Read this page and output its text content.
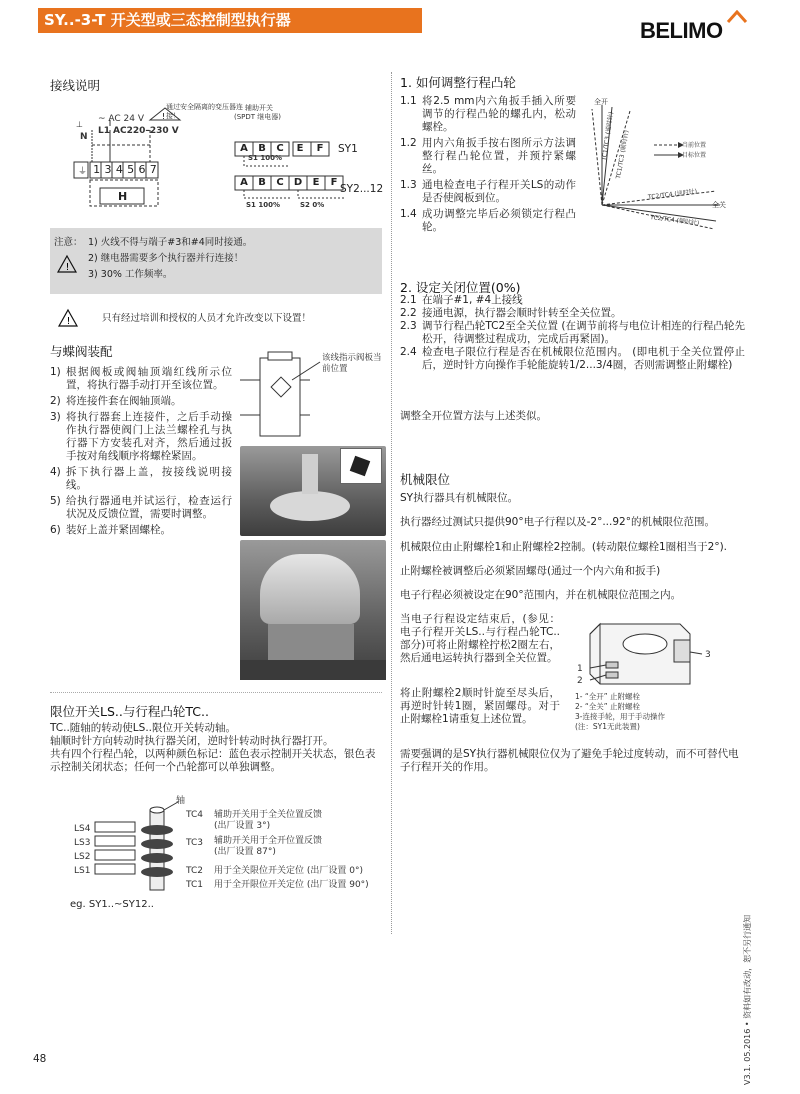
SY..-3-T 开关型或三态控制型执行器	BELIMO
接线说明
⏚
!
⊥
N
~ AC 24 V
L1 AC220–230 V
通过安全隔离的变压器连接！
辅助开关
(SPDT 继电器)
1 3 4 5 6 7
H
A	B	C	E	F
S1 100%
SY1
A	B	C	D	E	F
S1 100%	S2 0%
SY2...12
注意： 1) 火线不得与端子#3和#4同时接通。
2) 继电器需要多个执行器并行连接！
3) 30% 工作频率。
!
!	只有经过培训和授权的人员才允许改变以下设置！
与蝶阀装配
1) 根据阀板或阀轴顶端红线所示位置，将执行器手动打开至该位置。
2) 将连接件套在阀轴顶端。
3) 将执行器套上连接件，之后手动操作执行器使阀门上法兰螺栓孔与执行器下方安装孔对齐，然后通过扳手按对角线顺序将螺栓紧固。
4) 拆下执行器上盖，按接线说明接线。
5) 给执行器通电并试运行，检查运行状况及反馈位置，需要时调整。
6) 装好上盖并紧固螺栓。
该线指示阀板当前位置
限位开关LS..与行程凸轮TC..
TC..随轴的转动使LS..限位开关转动轴。
轴顺时针方向转动时执行器关闭，逆时针转动时执行器打开。
共有四个行程凸轮，以两种颜色标记：蓝色表示控制开关状态，银色表示控制关闭状态；任何一个凸轮都可以单独调整。
轴
LS4
LS3
LS2
LS1
TC4 辅助开关用于全关位置反馈
(出厂设置 3°)
TC3 辅助开关用于全开位置反馈
(出厂设置 87°)
TC2 用于全关限位开关定位 (出厂设置 0°)
TC1 用于全开限位开关定位 (出厂设置 90°)
eg. SY1..~SY12..
1. 如何调整行程凸轮
1.1 将2.5 mm内六角扳手插入所要调节的行程凸轮的螺孔内，松动螺栓。
1.2 用内六角扳手按右图所示方法调整行程凸轮位置，并预拧紧螺丝。
1.3 通电检查电子行程开关LS的动作是否使阀板到位。
1.4 成功调整完毕后必须锁定行程凸轮。
全开
全关
TC1/TC3 (逆时针) TC1/TC3 (顺时针)	当前位置
目标位置
TC2/TC4 (逆时针)
TC2/TC4 (顺时针)
2. 设定关闭位置(0%)
2.1 在端子#1, #4上接线
2.2 接通电源，执行器会顺时针转至全关位置。
2.3 调节行程凸轮TC2至全关位置 (在调节前将与电位计相连的行程凸轮先松开，待调整过程成功，完成后再紧固)。
2.4 检查电子限位行程是否在机械限位范围内。 (即电机于全关位置停止后，逆时针方向操作手轮能旋转1/2...3/4圈，否则需调整止附螺栓)
调整全开位置方法与上述类似。
机械限位
SY执行器具有机械限位。
执行器经过测试只提供90°电子行程以及-2°...92°的机械限位范围。
机械限位由止附螺栓1和止附螺栓2控制。(转动限位螺栓1圈相当于2°).
止附螺栓被调整后必须紧固螺母(通过一个内六角和扳手)
电子行程必须被设定在90°范围内，并在机械限位范围之内。
当电子行程设定结束后，(参见：电子行程开关LS..与行程凸轮TC..部分)可将止附螺栓拧松2圈左右，然后通电运转执行器到全关位置。
将止附螺栓2顺时针旋至尽头后，再逆时针转1圈，紧固螺母。对于止附螺栓1请重复上述位置。
需要强调的是SY执行器机械限位仅为了避免手轮过度转动，而不可替代电子行程开关的作用。
1
2
3
1- “全开” 止附螺栓
2- “全关” 止附螺栓
3-连接手轮，用于手动操作
(注：SY1无此装置)
48	V3.1. 05.2016 • 资料如有改动，恕不另行通知
